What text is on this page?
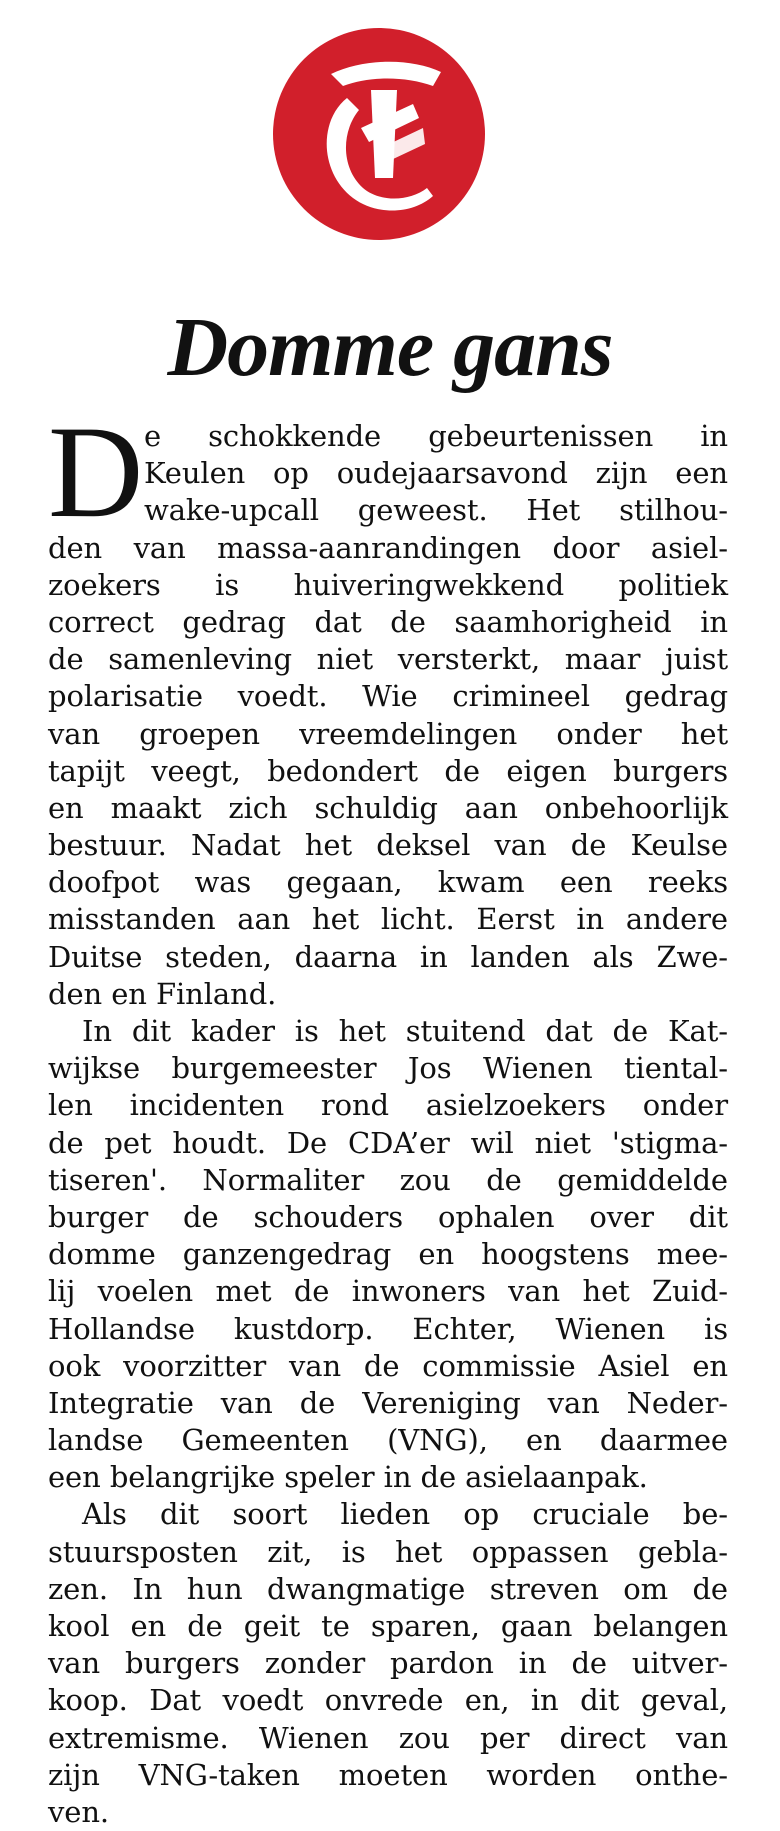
Domme gans
D e schokkende gebeurtenissen in
Keulen op oudejaarsavond zijn een
wake-upcall geweest. Het stilhou-
den van massa-aanrandingen door asiel-
zoekers is huiveringwekkend politiek
correct gedrag dat de saamhorigheid in
de samenleving niet versterkt, maar juist
polarisatie voedt. Wie crimineel gedrag
van groepen vreemdelingen onder het
tapijt veegt, bedondert de eigen burgers
en maakt zich schuldig aan onbehoorlijk
bestuur. Nadat het deksel van de Keulse
doofpot was gegaan, kwam een reeks
misstanden aan het licht. Eerst in andere
Duitse steden, daarna in landen als Zwe-
den en Finland.
In dit kader is het stuitend dat de Kat-
wijkse burgemeester Jos Wienen tiental-
len incidenten rond asielzoekers onder
de pet houdt. De CDA’er wil niet 'stigma-
tiseren'. Normaliter zou de gemiddelde
burger de schouders ophalen over dit
domme ganzengedrag en hoogstens mee-
lij voelen met de inwoners van het Zuid-
Hollandse kustdorp. Echter, Wienen is
ook voorzitter van de commissie Asiel en
Integratie van de Vereniging van Neder-
landse Gemeenten (VNG), en daarmee
een belangrijke speler in de asielaanpak.
Als dit soort lieden op cruciale be-
stuursposten zit, is het oppassen gebla-
zen. In hun dwangmatige streven om de
kool en de geit te sparen, gaan belangen
van burgers zonder pardon in de uitver-
koop. Dat voedt onvrede en, in dit geval,
extremisme. Wienen zou per direct van
zijn VNG-taken moeten worden onthe-
ven.
